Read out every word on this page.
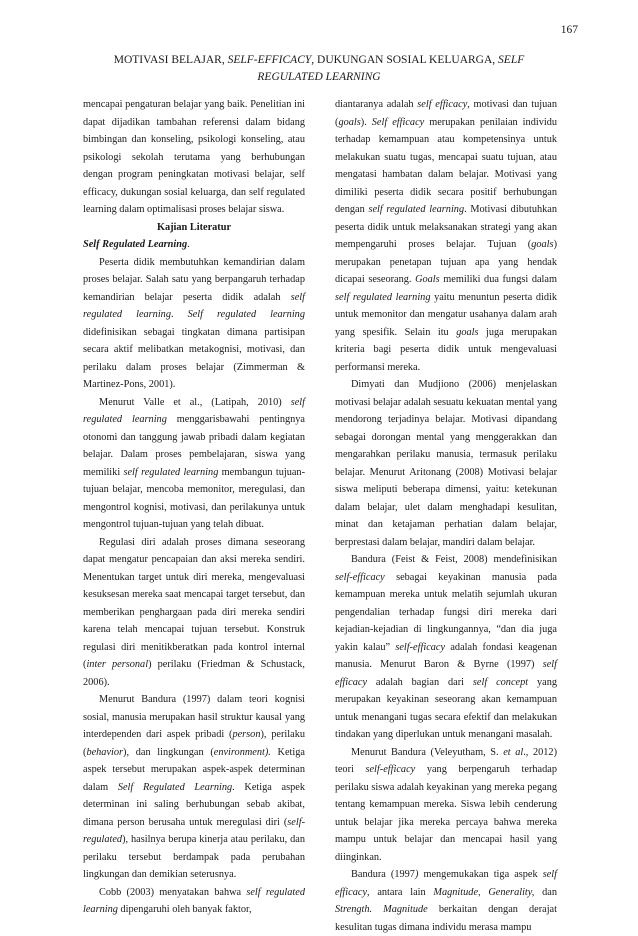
167
MOTIVASI BELAJAR, SELF-EFFICACY, DUKUNGAN SOSIAL KELUARGA, SELF REGULATED LEARNING

mencapai pengaturan belajar yang baik. Penelitian ini dapat dijadikan tambahan referensi dalam bidang bimbingan dan konseling, psikologi konseling, atau psikologi sekolah terutama yang berhubungan dengan program peningkatan motivasi belajar, self efficacy, dukungan sosial keluarga, dan self regulated learning dalam optimalisasi proses belajar siswa.

Kajian Literatur

Self Regulated Learning.

Peserta didik membutuhkan kemandirian dalam proses belajar. Salah satu yang berpangaruh terhadap kemandirian belajar peserta didik adalah self regulated learning. Self regulated learning didefinisikan sebagai tingkatan dimana partisipan secara aktif melibatkan metakognisi, motivasi, dan perilaku dalam proses belajar (Zimmerman & Martinez-Pons, 2001).

Menurut Valle et al., (Latipah, 2010) self regulated learning menggarisbawahi pentingnya otonomi dan tanggung jawab pribadi dalam kegiatan belajar. Dalam proses pembelajaran, siswa yang memiliki self regulated learning membangun tujuan-tujuan belajar, mencoba memonitor, meregulasi, dan mengontrol kognisi, motivasi, dan perilakunya untuk mengontrol tujuan-tujuan yang telah dibuat.

Regulasi diri adalah proses dimana seseorang dapat mengatur pencapaian dan aksi mereka sendiri. Menentukan target untuk diri mereka, mengevaluasi kesuksesan mereka saat mencapai target tersebut, dan memberikan penghargaan pada diri mereka sendiri karena telah mencapai tujuan tersebut. Konstruk regulasi diri menitikberatkan pada kontrol internal (inter personal) perilaku (Friedman & Schustack, 2006).

Menurut Bandura (1997) dalam teori kognisi sosial, manusia merupakan hasil struktur kausal yang interdependen dari aspek pribadi (person), perilaku (behavior), dan lingkungan (environment). Ketiga aspek tersebut merupakan aspek-aspek determinan dalam Self Regulated Learning. Ketiga aspek determinan ini saling berhubungan sebab akibat, dimana person berusaha untuk meregulasi diri (self-regulated), hasilnya berupa kinerja atau perilaku, dan perilaku tersebut berdampak pada perubahan lingkungan dan demikian seterusnya.

Cobb (2003) menyatakan bahwa self regulated learning dipengaruhi oleh banyak faktor,

diantaranya adalah self efficacy, motivasi dan tujuan (goals). Self efficacy merupakan penilaian individu terhadap kemampuan atau kompetensinya untuk melakukan suatu tugas, mencapai suatu tujuan, atau mengatasi hambatan dalam belajar. Motivasi yang dimiliki peserta didik secara positif berhubungan dengan self regulated learning. Motivasi dibutuhkan peserta didik untuk melaksanakan strategi yang akan mempengaruhi proses belajar. Tujuan (goals) merupakan penetapan tujuan apa yang hendak dicapai seseorang. Goals memiliki dua fungsi dalam self regulated learning yaitu menuntun peserta didik untuk memonitor dan mengatur usahanya dalam arah yang spesifik. Selain itu goals juga merupakan kriteria bagi peserta didik untuk mengevaluasi performansi mereka.

Dimyati dan Mudjiono (2006) menjelaskan motivasi belajar adalah sesuatu kekuatan mental yang mendorong terjadinya belajar. Motivasi dipandang sebagai dorongan mental yang menggerakkan dan mengarahkan perilaku manusia, termasuk perilaku belajar. Menurut Aritonang (2008) Motivasi belajar siswa meliputi beberapa dimensi, yaitu: ketekunan dalam belajar, ulet dalam menghadapi kesulitan, minat dan ketajaman perhatian dalam belajar, berprestasi dalam belajar, mandiri dalam belajar.

Bandura (Feist & Feist, 2008) mendefinisikan self-efficacy sebagai keyakinan manusia pada kemampuan mereka untuk melatih sejumlah ukuran pengendalian terhadap fungsi diri mereka dari kejadian-kejadian di lingkungannya, “dan dia juga yakin kalau” self-efficacy adalah fondasi keagenan manusia. Menurut Baron & Byrne (1997) self efficacy adalah bagian dari self concept yang merupakan keyakinan seseorang akan kemampuan untuk menangani tugas secara efektif dan melakukan tindakan yang diperlukan untuk menangani masalah.

Menurut Bandura (Veleyutham, S. et al., 2012) teori self-efficacy yang berpengaruh terhadap perilaku siswa adalah keyakinan yang mereka pegang tentang kemampuan mereka. Siswa lebih cenderung untuk belajar jika mereka percaya bahwa mereka mampu untuk belajar dan mencapai hasil yang diinginkan.

Bandura (1997) mengemukakan tiga aspek self efficacy, antara lain Magnitude, Generality, dan Strength. Magnitude berkaitan dengan derajat kesulitan tugas dimana individu merasa mampu
